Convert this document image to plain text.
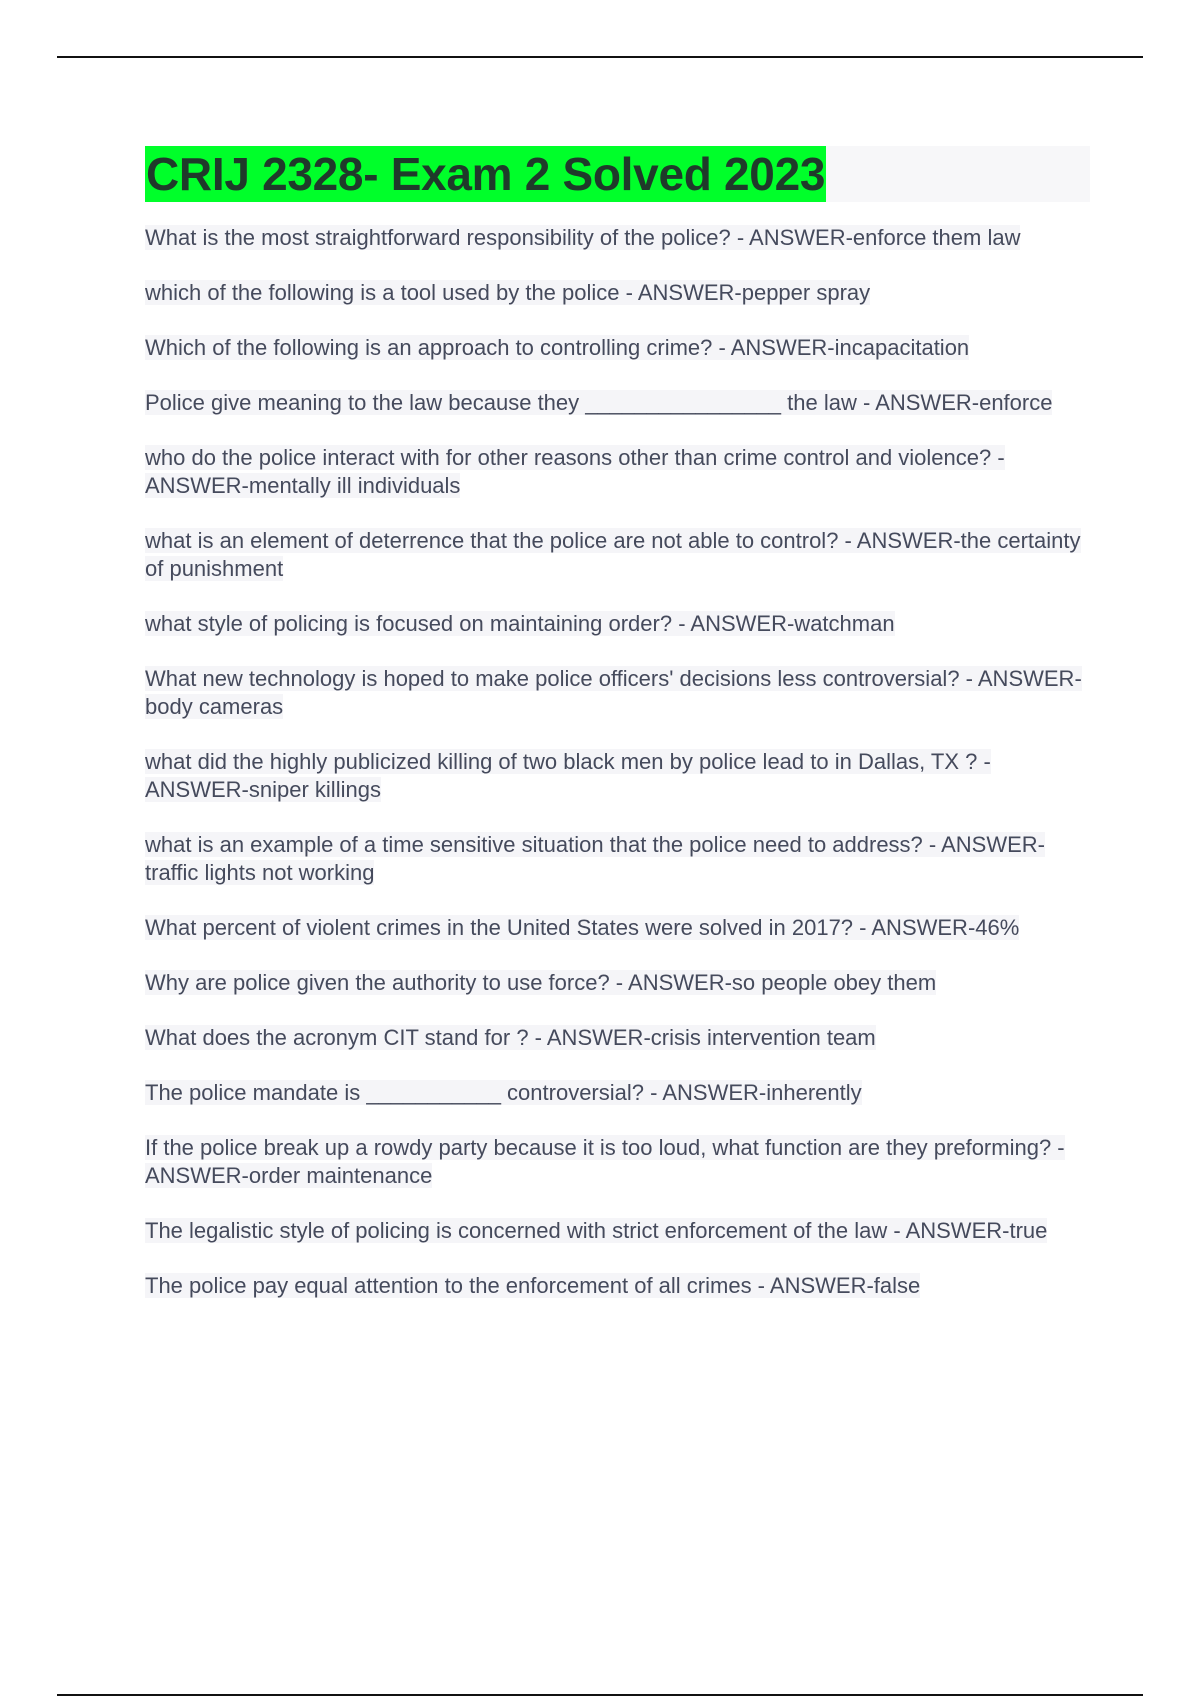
CRIJ 2328- Exam 2 Solved 2023
What is the most straightforward responsibility of the police? - ANSWER-enforce them law
which of the following is a tool used by the police - ANSWER-pepper spray
Which of the following is an approach to controlling crime? - ANSWER-incapacitation
Police give meaning to the law because they ________________ the law - ANSWER-enforce
who do the police interact with for other reasons other than crime control and violence? - ANSWER-mentally ill individuals
what is an element of deterrence that the police are not able to control? - ANSWER-the certainty of punishment
what style of policing is focused on maintaining order? - ANSWER-watchman
What new technology is hoped to make police officers' decisions less controversial? - ANSWER-body cameras
what did the highly publicized killing of two black men by police lead to in Dallas, TX ? - ANSWER-sniper killings
what is an example of a time sensitive situation that the police need to address? - ANSWER-traffic lights not working
What percent of violent crimes in the United States were solved in 2017? - ANSWER-46%
Why are police given the authority to use force? - ANSWER-so people obey them
What does the acronym CIT stand for ? - ANSWER-crisis intervention team
The police mandate is ___________ controversial? - ANSWER-inherently
If the police break up a rowdy party because it is too loud, what function are they preforming? - ANSWER-order maintenance
The legalistic style of policing is concerned with strict enforcement of the law - ANSWER-true
The police pay equal attention to the enforcement of all crimes - ANSWER-false
